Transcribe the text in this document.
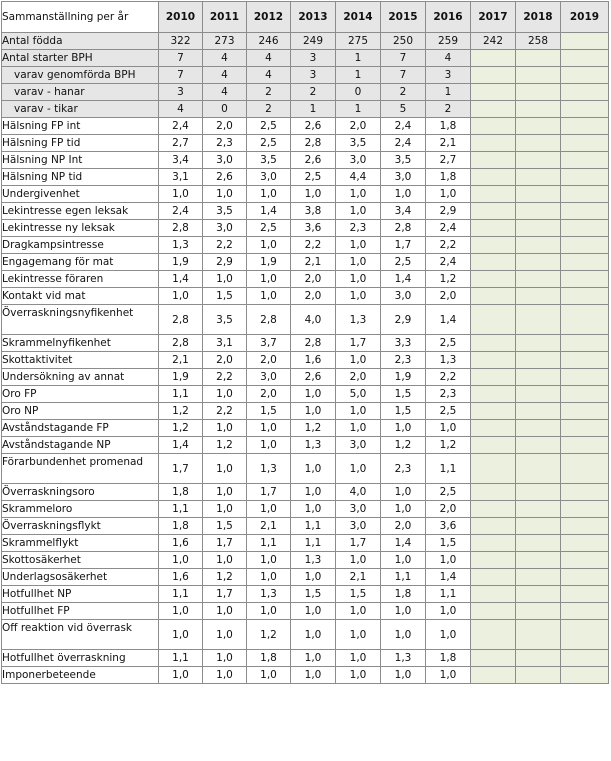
Sammanställning per år	2010	2011	2012	2013	2014	2015	2016	2017	2018	2019
Antal födda	322	273	246	249	275	250	259	242	258	
Antal starter BPH	7	4	4	3	1	7	4			
varav genomförda BPH	7	4	4	3	1	7	3			
varav - hanar	3	4	2	2	0	2	1			
varav - tikar	4	0	2	1	1	5	2			
Hälsning FP int	2,4	2,0	2,5	2,6	2,0	2,4	1,8			
Hälsning FP tid	2,7	2,3	2,5	2,8	3,5	2,4	2,1			
Hälsning NP Int	3,4	3,0	3,5	2,6	3,0	3,5	2,7			
Hälsning NP tid	3,1	2,6	3,0	2,5	4,4	3,0	1,8			
Undergivenhet	1,0	1,0	1,0	1,0	1,0	1,0	1,0			
Lekintresse egen leksak	2,4	3,5	1,4	3,8	1,0	3,4	2,9			
Lekintresse ny leksak	2,8	3,0	2,5	3,6	2,3	2,8	2,4			
Dragkampsintresse	1,3	2,2	1,0	2,2	1,0	1,7	2,2			
Engagemang för mat	1,9	2,9	1,9	2,1	1,0	2,5	2,4			
Lekintresse föraren	1,4	1,0	1,0	2,0	1,0	1,4	1,2			
Kontakt vid mat	1,0	1,5	1,0	2,0	1,0	3,0	2,0			
Överraskningsnyfikenhet	2,8	3,5	2,8	4,0	1,3	2,9	1,4			
Skrammelnyfikenhet	2,8	3,1	3,7	2,8	1,7	3,3	2,5			
Skottaktivitet	2,1	2,0	2,0	1,6	1,0	2,3	1,3			
Undersökning av annat	1,9	2,2	3,0	2,6	2,0	1,9	2,2			
Oro FP	1,1	1,0	2,0	1,0	5,0	1,5	2,3			
Oro NP	1,2	2,2	1,5	1,0	1,0	1,5	2,5			
Avståndstagande FP	1,2	1,0	1,0	1,2	1,0	1,0	1,0			
Avståndstagande NP	1,4	1,2	1,0	1,3	3,0	1,2	1,2			
Förarbundenhet promenad	1,7	1,0	1,3	1,0	1,0	2,3	1,1			
Överraskningsoro	1,8	1,0	1,7	1,0	4,0	1,0	2,5			
Skrammeloro	1,1	1,0	1,0	1,0	3,0	1,0	2,0			
Överraskningsflykt	1,8	1,5	2,1	1,1	3,0	2,0	3,6			
Skrammelflykt	1,6	1,7	1,1	1,1	1,7	1,4	1,5			
Skottosäkerhet	1,0	1,0	1,0	1,3	1,0	1,0	1,0			
Underlagsosäkerhet	1,6	1,2	1,0	1,0	2,1	1,1	1,4			
Hotfullhet NP	1,1	1,7	1,3	1,5	1,5	1,8	1,1			
Hotfullhet FP	1,0	1,0	1,0	1,0	1,0	1,0	1,0			
Off reaktion vid överrask	1,0	1,0	1,2	1,0	1,0	1,0	1,0			
Hotfullhet överraskning	1,1	1,0	1,8	1,0	1,0	1,3	1,8			
Imponerbeteende	1,0	1,0	1,0	1,0	1,0	1,0	1,0			
